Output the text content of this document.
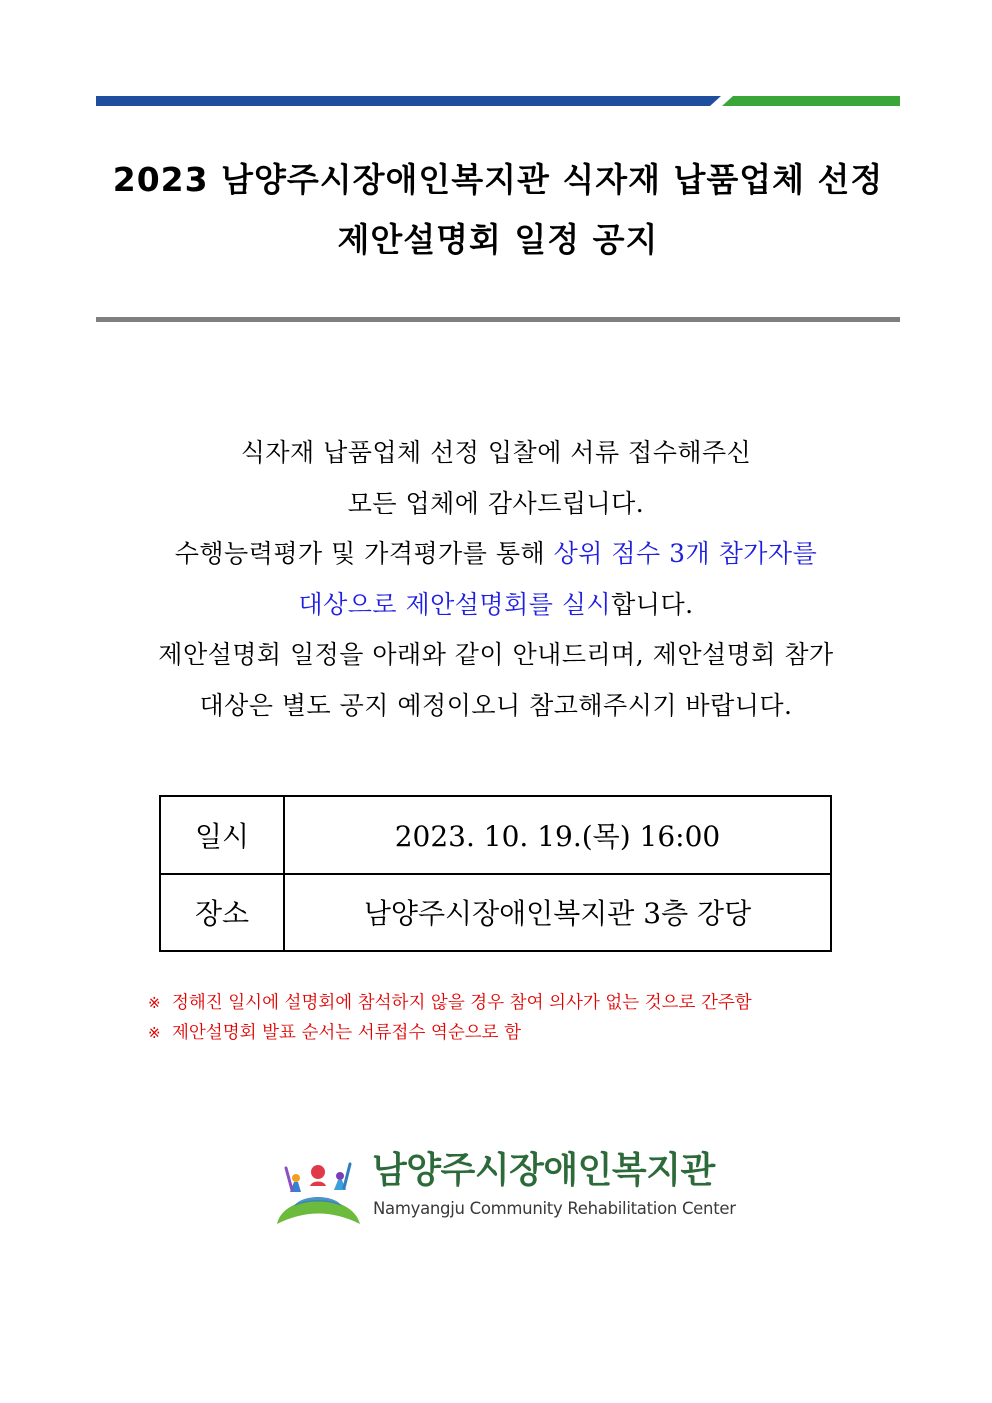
2023 남양주시장애인복지관 식자재 납품업체 선정
제안설명회 일정 공지
식자재 납품업체 선정 입찰에 서류 접수해주신
모든 업체에 감사드립니다.
수행능력평가 및 가격평가를 통해 상위 점수 3개 참가자를
대상으로 제안설명회를 실시합니다.
제안설명회 일정을 아래와 같이 안내드리며, 제안설명회 참가
대상은 별도 공지 예정이오니 참고해주시기 바랍니다.
일시	2023. 10. 19.(목) 16:00
장소	남양주시장애인복지관 3층 강당
※ 정해진 일시에 설명회에 참석하지 않을 경우 참여 의사가 없는 것으로 간주함
※ 제안설명회 발표 순서는 서류접수 역순으로 함
남양주시장애인복지관
Namyangju Community Rehabilitation Center
